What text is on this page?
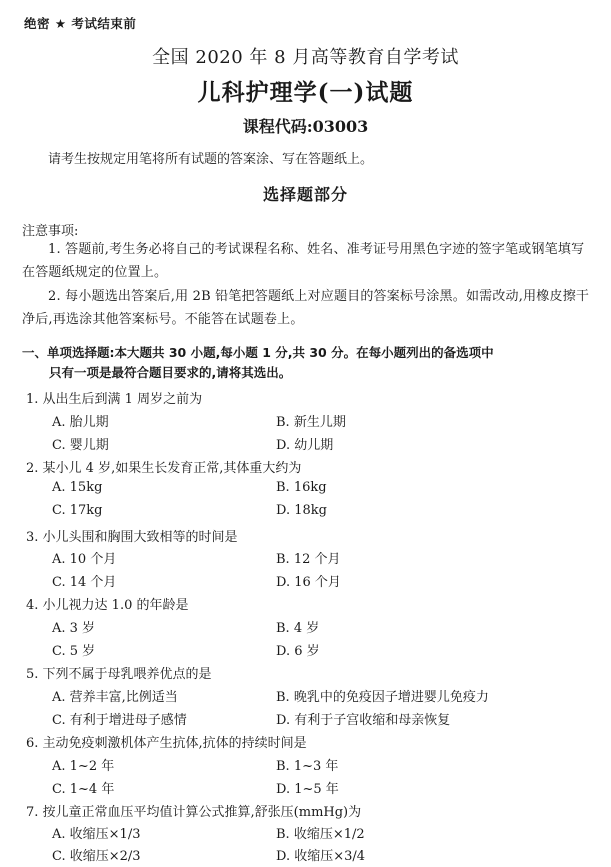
绝密 ★ 考试结束前
全国 2020 年 8 月高等教育自学考试
儿科护理学(一)试题
课程代码:03003
请考生按规定用笔将所有试题的答案涂、写在答题纸上。
选择题部分
注意事项:
1. 答题前,考生务必将自己的考试课程名称、姓名、准考证号用黑色字迹的签字笔或钢笔填写在答题纸规定的位置上。
2. 每小题选出答案后,用 2B 铅笔把答题纸上对应题目的答案标号涂黑。如需改动,用橡皮擦干净后,再选涂其他答案标号。不能答在试题卷上。
一、单项选择题:本大题共 30 小题,每小题 1 分,共 30 分。在每小题列出的备选项中
只有一项是最符合题目要求的,请将其选出。
1. 从出生后到满 1 周岁之前为
A. 胎儿期	B. 新生儿期
C. 婴儿期	D. 幼儿期
2. 某小儿 4 岁,如果生长发育正常,其体重大约为
A. 15kg	B. 16kg
C. 17kg	D. 18kg
3. 小儿头围和胸围大致相等的时间是
A. 10 个月	B. 12 个月
C. 14 个月	D. 16 个月
4. 小儿视力达 1.0 的年龄是
A. 3 岁	B. 4 岁
C. 5 岁	D. 6 岁
5. 下列不属于母乳喂养优点的是
A. 营养丰富,比例适当	B. 晚乳中的免疫因子增进婴儿免疫力
C. 有利于增进母子感情	D. 有利于子宫收缩和母亲恢复
6. 主动免疫刺激机体产生抗体,抗体的持续时间是
A. 1~2 年	B. 1~3 年
C. 1~4 年	D. 1~5 年
7. 按儿童正常血压平均值计算公式推算,舒张压(mmHg)为
A. 收缩压×1/3	B. 收缩压×1/2
C. 收缩压×2/3	D. 收缩压×3/4
